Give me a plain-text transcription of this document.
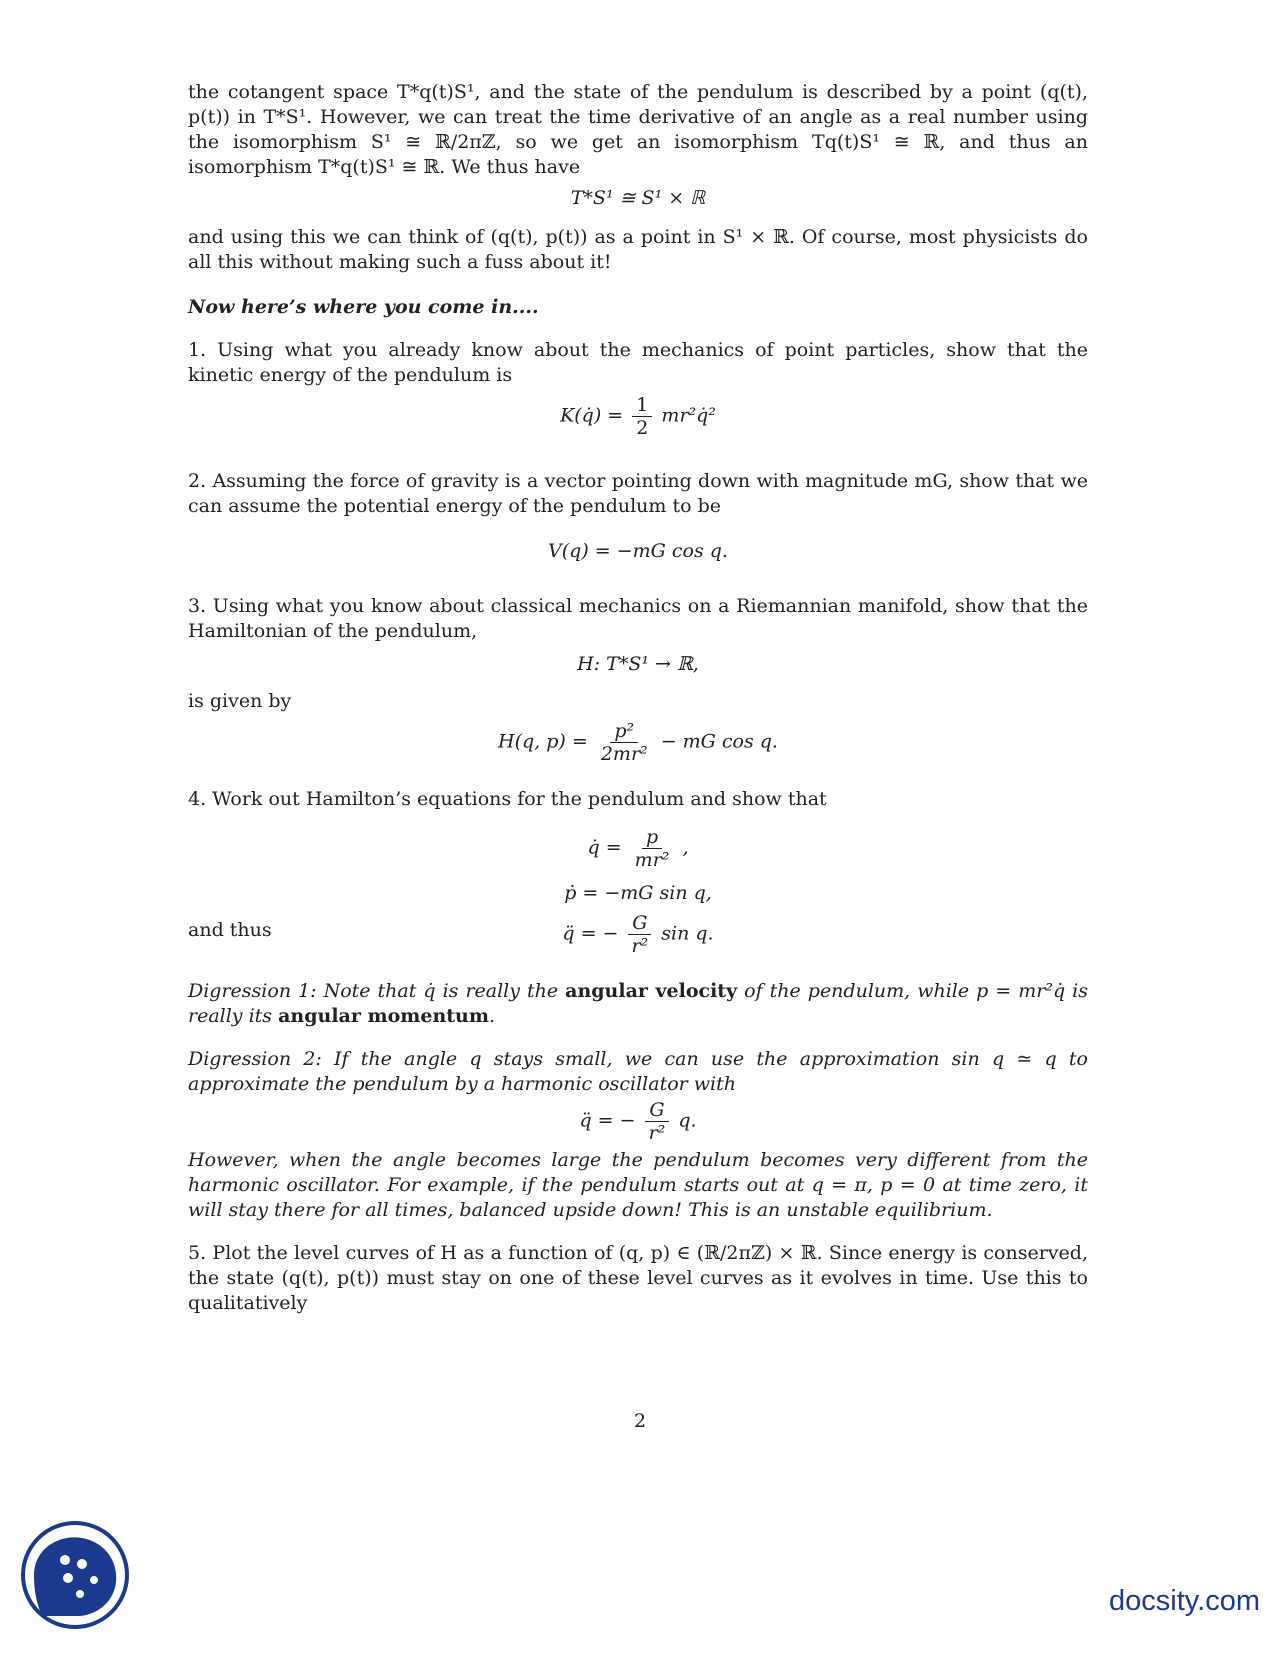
the cotangent space T*q(t)S¹, and the state of the pendulum is described by a point (q(t), p(t)) in T*S¹. However, we can treat the time derivative of an angle as a real number using the isomorphism S¹ ≅ ℝ/2πℤ, so we get an isomorphism Tq(t)S¹ ≅ ℝ, and thus an isomorphism T*q(t)S¹ ≅ ℝ. We thus have

T*S¹ ≅ S¹ × ℝ

and using this we can think of (q(t), p(t)) as a point in S¹ × ℝ. Of course, most physicists do all this without making such a fuss about it!

Now here’s where you come in....

1. Using what you already know about the mechanics of point particles, show that the kinetic energy of the pendulum is

K(q̇) = $\frac{1}{2}$ mr²q̇²

2. Assuming the force of gravity is a vector pointing down with magnitude mG, show that we can assume the potential energy of the pendulum to be

V(q) = −mG cos q.

3. Using what you know about classical mechanics on a Riemannian manifold, show that the Hamiltonian of the pendulum,

H: T*S¹ → ℝ,

is given by

H(q, $p) = \frac{\text{p²}}{\text{2mr²}}$ − mG cos q.

4. Work out Hamilton’s equations for the pendulum and show that

q̇ = $\frac{p}{\text{mr²}}$ ,
ṗ = −mG sin q,
and thus	q̈ = − $\frac{G}{\text{r²}}$ sin q.

Digression 1: Note that q̇ is really the angular velocity of the pendulum, while p = mr²q̇ is really its angular momentum.

Digression 2: If the angle q stays small, we can use the approximation sin q ≃ q to approximate the pendulum by a harmonic oscillator with

q̈ = − $\frac{G}{\text{r²}} q$.

However, when the angle becomes large the pendulum becomes very different from the harmonic oscillator. For example, if the pendulum starts out at q = π, p = 0 at time zero, it will stay there for all times, balanced upside down! This is an unstable equilibrium.

5. Plot the level curves of H as a function of (q, p) ∈ (ℝ/2πℤ) × ℝ. Since energy is conserved, the state (q(t), p(t)) must stay on one of these level curves as it evolves in time. Use this to qualitatively

2
docsity.com
